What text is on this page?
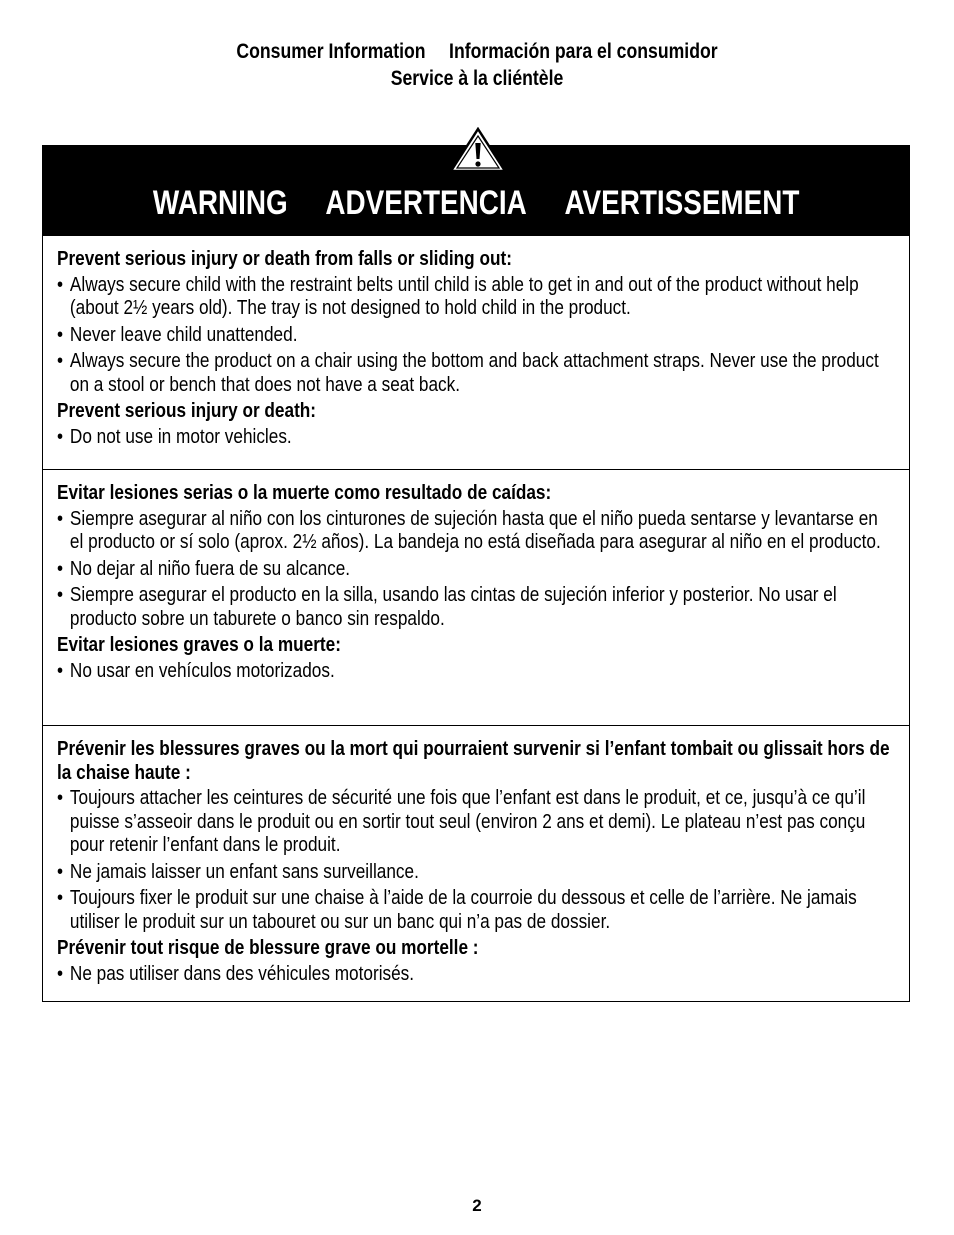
Consumer Information Información para el consumidor
Service à la cliéntèle
WARNING ADVERTENCIA AVERTISSEMENT
Prevent serious injury or death from falls or sliding out:
• Always secure child with the restraint belts until child is able to get in and out of the product without help (about 2½ years old). The tray is not designed to hold child in the product.
• Never leave child unattended.
• Always secure the product on a chair using the bottom and back attachment straps. Never use the product on a stool or bench that does not have a seat back.
Prevent serious injury or death:
• Do not use in motor vehicles.
Evitar lesiones serias o la muerte como resultado de caídas:
• Siempre asegurar al niño con los cinturones de sujeción hasta que el niño pueda sentarse y levantarse en el producto or sí solo (aprox. 2½ años). La bandeja no está diseñada para asegurar al niño en el producto.
• No dejar al niño fuera de su alcance.
• Siempre asegurar el producto en la silla, usando las cintas de sujeción inferior y posterior. No usar el producto sobre un taburete o banco sin respaldo.
Evitar lesiones graves o la muerte:
• No usar en vehículos motorizados.
Prévenir les blessures graves ou la mort qui pourraient survenir si l’enfant tombait ou glissait hors de la chaise haute :
• Toujours attacher les ceintures de sécurité une fois que l’enfant est dans le produit, et ce, jusqu’à ce qu’il puisse s’asseoir dans le produit ou en sortir tout seul (environ 2 ans et demi). Le plateau n’est pas conçu pour retenir l’enfant dans le produit.
• Ne jamais laisser un enfant sans surveillance.
• Toujours fixer le produit sur une chaise à l’aide de la courroie du dessous et celle de l’arrière. Ne jamais utiliser le produit sur un tabouret ou sur un banc qui n’a pas de dossier.
Prévenir tout risque de blessure grave ou mortelle :
• Ne pas utiliser dans des véhicules motorisés.
2
